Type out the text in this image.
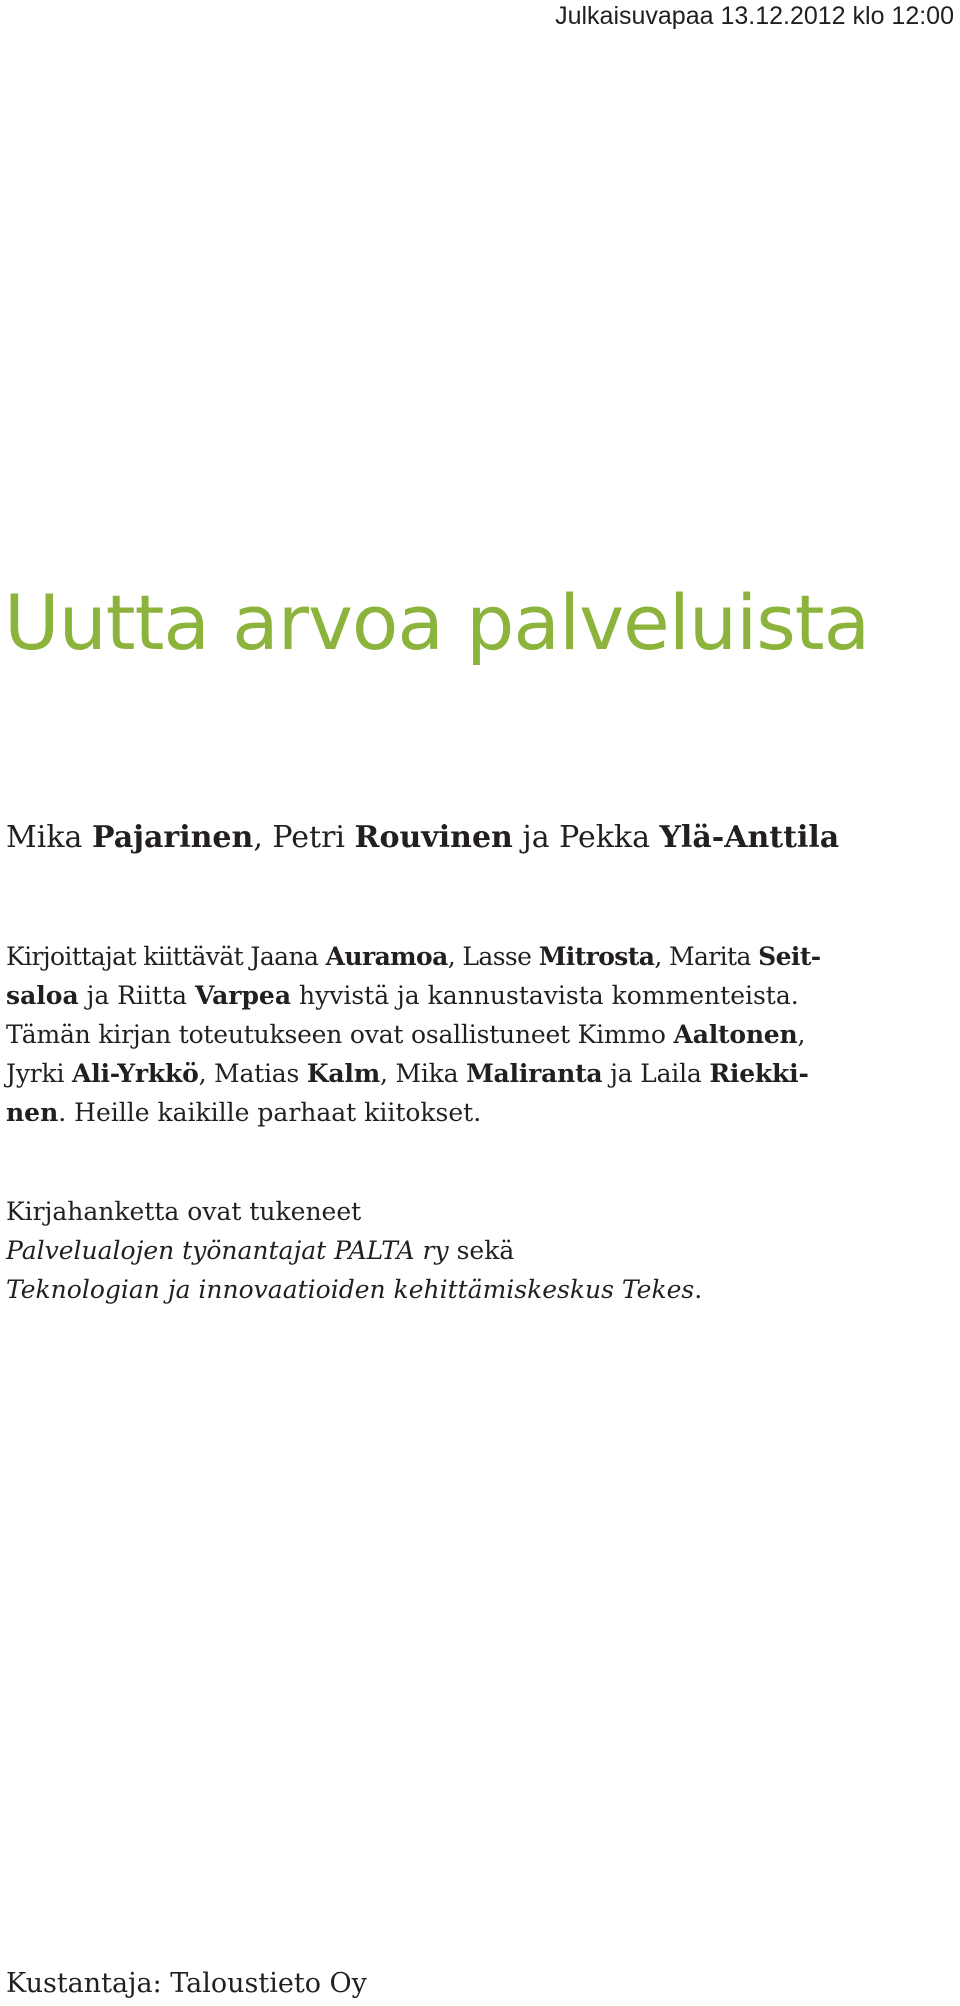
Julkaisuvapaa 13.12.2012 klo 12:00
Uutta arvoa palveluista
Mika Pajarinen, Petri Rouvinen ja Pekka Ylä-Anttila

Kirjoittajat kiittävät Jaana Auramoa, Lasse Mitrosta, Marita Seit-
saloa ja Riitta Varpea hyvistä ja kannustavista kommenteista.
Tämän kirjan toteutukseen ovat osallistuneet Kimmo Aaltonen,
Jyrki Ali-Yrkkö, Matias Kalm, Mika Maliranta ja Laila Riekki-
nen. Heille kaikille parhaat kiitokset.

Kirjahanketta ovat tukeneet
Palvelualojen työnantajat PALTA ry sekä
Teknologian ja innovaatioiden kehittämiskeskus Tekes.

Kustantaja: Taloustieto Oy
